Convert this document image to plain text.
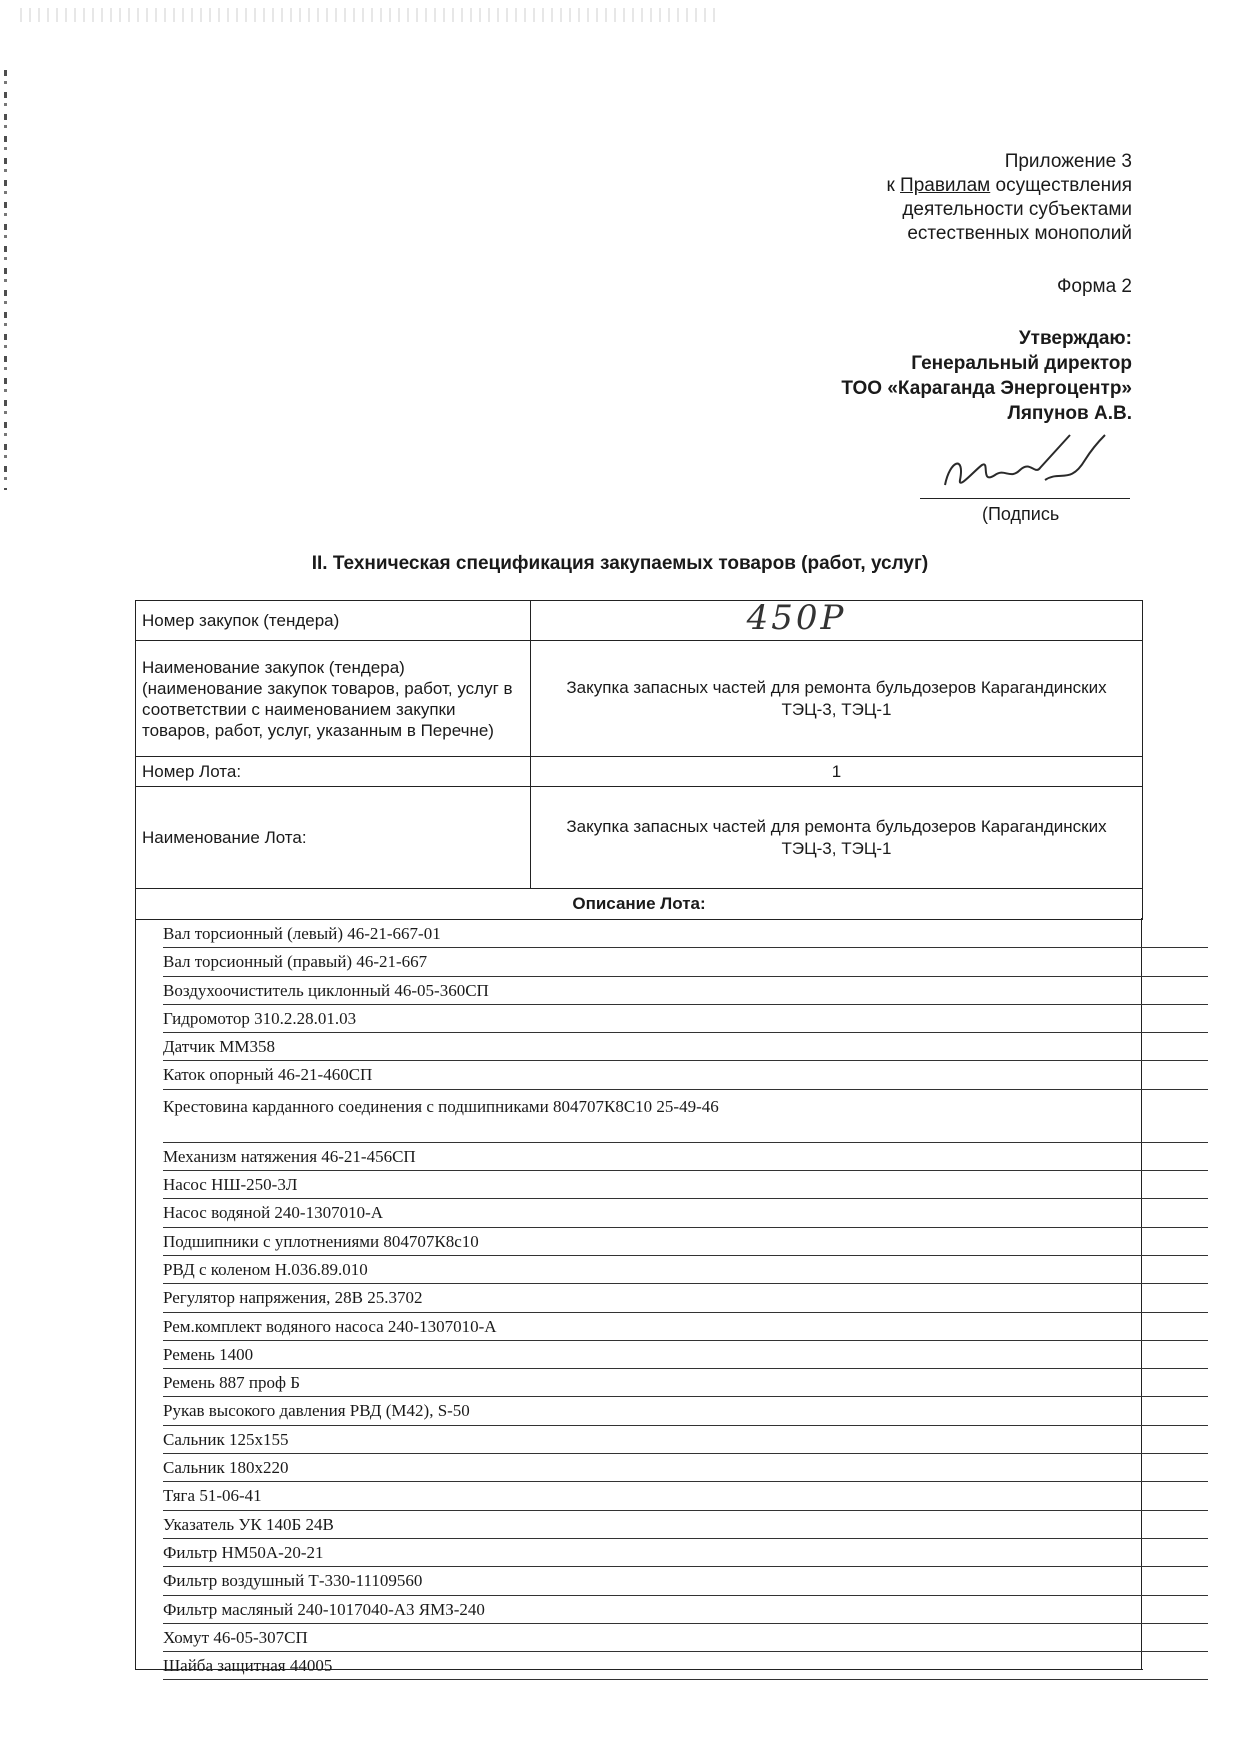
Приложение 3
к Правилам осуществления
деятельности субъектами
естественных монополий
Форма 2
Утверждаю:
Генеральный директор
ТОО «Караганда Энергоцентр»
Ляпунов А.В.
(Подпись
II. Техническая спецификация закупаемых товаров (работ, услуг)
Номер закупок (тендера)	450Р
Наименование закупок (тендера) (наименование закупок товаров, работ, услуг в соответствии с наименованием закупки товаров, работ, услуг, указанным в Перечне)	Закупка запасных частей для ремонта бульдозеров Карагандинских ТЭЦ-3, ТЭЦ-1
Номер Лота:	1
Наименование Лота:	Закупка запасных частей для ремонта бульдозеров Карагандинских ТЭЦ-3, ТЭЦ-1
Описание Лота:	
Вал торсионный (левый) 46-21-667-01
Вал торсионный (правый) 46-21-667
Воздухоочиститель циклонный 46-05-360СП
Гидромотор 310.2.28.01.03
Датчик ММ358
Каток опорный 46-21-460СП
Крестовина карданного соединения с подшипниками 804707К8С10 25-49-46
Механизм натяжения 46-21-456СП
Насос НШ-250-3Л
Насос водяной 240-1307010-А
Подшипники с уплотнениями 804707К8с10
РВД с коленом Н.036.89.010
Регулятор напряжения, 28В 25.3702
Рем.комплект водяного насоса 240-1307010-А
Ремень 1400
Ремень 887 проф Б
Рукав высокого давления РВД (М42), S-50
Сальник 125х155
Сальник 180х220
Тяга 51-06-41
Указатель УК 140Б 24В
Фильтр НМ50А-20-21
Фильтр воздушный Т-330-11109560
Фильтр масляный 240-1017040-А3 ЯМЗ-240
Хомут 46-05-307СП
Шайба защитная 44005
